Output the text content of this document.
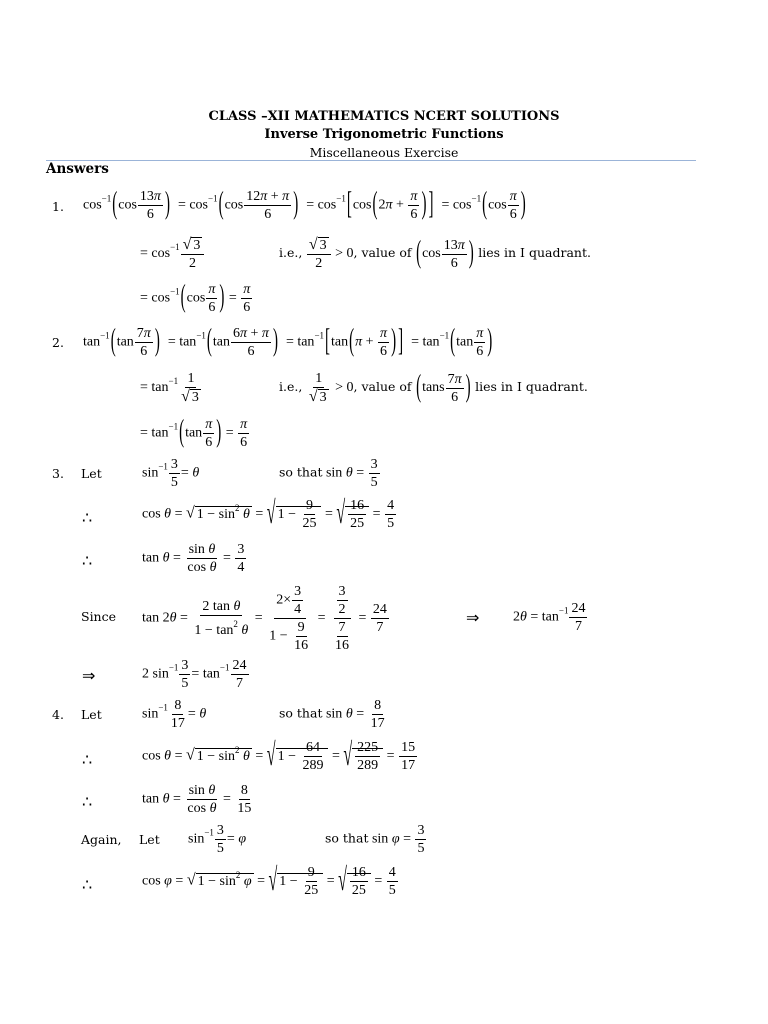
CLASS –XII MATHEMATICS NCERT SOLUTIONS
Inverse Trigonometric Functions
Miscellaneous Exercise
Answers
1. $\cos^{-1}(\cos \frac{13\pi}{6}$ )  = $\cos^{-1}(\cos \frac{12\pi + \pi}{6}$ )  = $\cos^{-1}[\cos(2\pi + \frac{\pi}{6}$ ) ]  = $\cos^{-1}(\cos \frac{\pi}{6}$ )
= $\cos^{-1} \frac{√ 3}{2}$	i.e., $\frac{√ 3}{2} > 0$, value of ($\cos \frac{13\pi}{6}$ ) lies in I quadrant.
= $\cos^{-1}(\cos \frac{\pi}{6}$ ) = $\frac{\pi}{6}$
2. $\tan^{-1}(\tan \frac{7\pi}{6}$ )  = $\tan^{-1}(\tan \frac{6\pi + \pi}{6}$ )  = $\tan^{-1}[\tan(\pi + \frac{\pi}{6}$ ) ]  = $\tan^{-1}(\tan \frac{\pi}{6}$ )
= $\tan^{-1} \frac{1}{√ 3}$	i.e., $\frac{1}{√ 3} > 0$, value of ($\tan s \frac{7\pi}{6}$ ) lies in I quadrant.
= $\tan^{-1}(\tan \frac{\pi}{6}$ ) = $\frac{\pi}{6}$
3. Let	$\sin^{-1} \frac{3}{5} = \theta$	so that $\sin \theta = \frac{3}{5}$
∴	cos θ = √ $1 - \sin^2 \theta$ = √ $1 - \frac{9}{25}$ = √ $\frac{16}{25} = \frac{4}{5}$
∴	$\tan \theta = \frac{\text{sin θ}}{\text{cos θ}} = \frac{3}{4}$
Since $\tan 2\theta = \frac{\text{2 tan θ}}{1 - \tan^2 \theta} = \frac{2\times \frac{3}{4}}{1 - \frac{9}{16}} = \frac{\frac{3}{2}}{\frac{7}{16}} = \frac{24}{7}$	⇒ $2\theta = \tan^{-1} \frac{24}{7}$
⇒	2 $\sin^{-1} \frac{3}{5} = \tan^{-1} \frac{24}{7}$
4. Let	$\sin^{-1} \frac{8}{17} = \theta$	so that $\sin \theta = \frac{8}{17}$
∴	cos θ = √ $1 - \sin^2 \theta$ = √ $1 - \frac{64}{289}$ = √ $\frac{225}{289} = \frac{15}{17}$
∴	$\tan \theta = \frac{\text{sin θ}}{\text{cos θ}} = \frac{8}{15}$
Again, Let $\sin^{-1} \frac{3}{5} = \varphi$	so that $\sin \varphi = \frac{3}{5}$
∴	cos φ = √ $1 - \sin^2 \varphi$ = √ $1 - \frac{9}{25}$ = √ $\frac{16}{25} = \frac{4}{5}$
